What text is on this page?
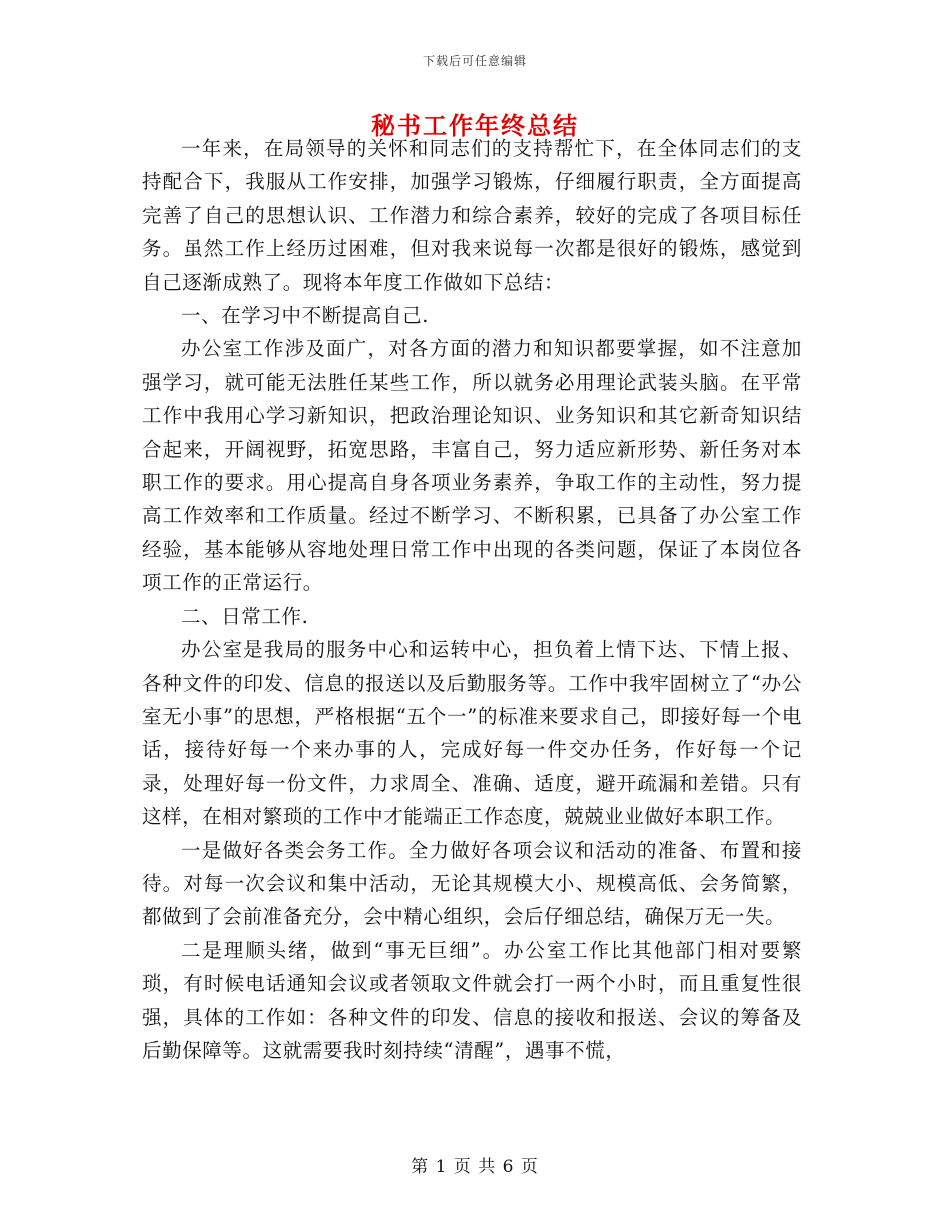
下载后可任意编辑
秘书工作年终总结

一年来，在局领导的关怀和同志们的支持帮忙下，在全体同志们的支持配合下，我服从工作安排，加强学习锻炼，仔细履行职责，全方面提高完善了自己的思想认识、工作潜力和综合素养，较好的完成了各项目标任务。虽然工作上经历过困难，但对我来说每一次都是很好的锻炼，感觉到自己逐渐成熟了。现将本年度工作做如下总结：

一、在学习中不断提高自己.

办公室工作涉及面广，对各方面的潜力和知识都要掌握，如不注意加强学习，就可能无法胜任某些工作，所以就务必用理论武装头脑。在平常工作中我用心学习新知识，把政治理论知识、业务知识和其它新奇知识结合起来，开阔视野，拓宽思路，丰富自己，努力适应新形势、新任务对本职工作的要求。用心提高自身各项业务素养，争取工作的主动性，努力提高工作效率和工作质量。经过不断学习、不断积累，已具备了办公室工作经验，基本能够从容地处理日常工作中出现的各类问题，保证了本岗位各项工作的正常运行。

二、日常工作.

办公室是我局的服务中心和运转中心，担负着上情下达、下情上报、各种文件的印发、信息的报送以及后勤服务等。工作中我牢固树立了“办公室无小事”的思想，严格根据“五个一”的标准来要求自己，即接好每一个电话，接待好每一个来办事的人，完成好每一件交办任务，作好每一个记录，处理好每一份文件，力求周全、准确、适度，避开疏漏和差错。只有这样，在相对繁琐的工作中才能端正工作态度，兢兢业业做好本职工作。

一是做好各类会务工作。全力做好各项会议和活动的准备、布置和接待。对每一次会议和集中活动，无论其规模大小、规模高低、会务简繁，都做到了会前准备充分，会中精心组织，会后仔细总结，确保万无一失。

二是理顺头绪，做到“事无巨细”。办公室工作比其他部门相对要繁琐，有时候电话通知会议或者领取文件就会打一两个小时，而且重复性很强，具体的工作如：各种文件的印发、信息的接收和报送、会议的筹备及后勤保障等。这就需要我时刻持续“清醒”，遇事不慌，

第 1 页 共 6 页
